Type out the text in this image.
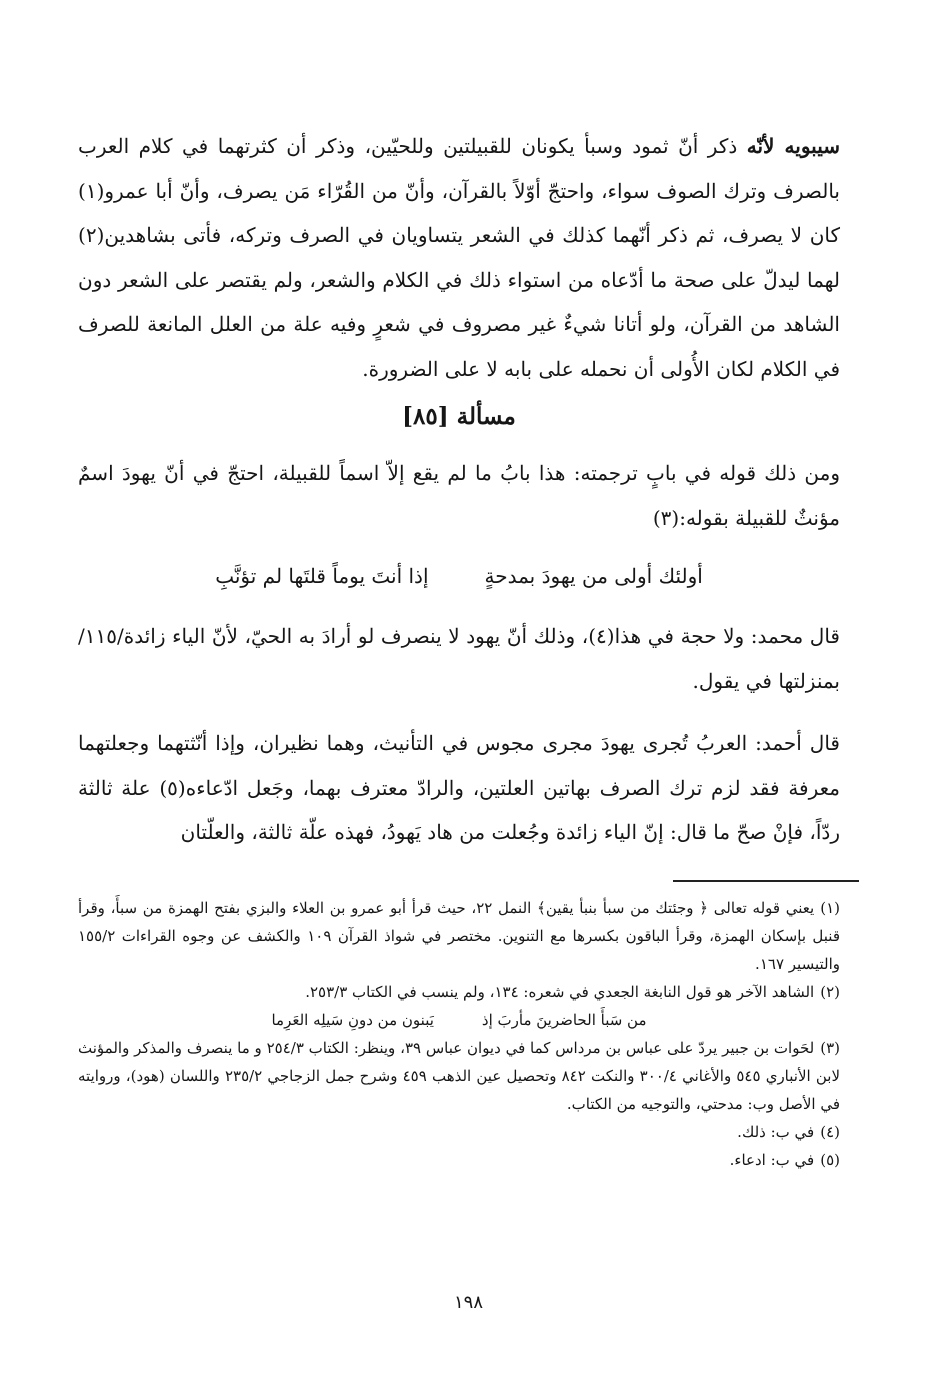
سيبويه لأنّه ذكر أنّ ثمود وسبأ يكونان للقبيلتين وللحيّين، وذكر أن كثرتهما في كلام العرب بالصرف وترك الصوف سواء، واحتجّ أوّلاً بالقرآن، وأنّ من القُرّاء مَن يصرف، وأنّ أبا عمرو(١) كان لا يصرف، ثم ذكر أنّهما كذلك في الشعر يتساويان في الصرف وتركه، فأتى بشاهدين(٢) لهما ليدلّ على صحة ما أدّعاه من استواء ذلك في الكلام والشعر، ولم يقتصر على الشعر دون الشاهد من القرآن، ولو أتانا شيءٌ غير مصروف في شعرٍ وفيه علة من العلل المانعة للصرف في الكلام لكان الأُولى أن نحمله على بابه لا على الضرورة.

مسألة [٨٥]

ومن ذلك قوله في بابٍ ترجمته: هذا بابُ ما لم يقع إلاّ اسماً للقبيلة، احتجّ في أنّ يهودَ اسمٌ مؤنثٌ للقبيلة بقوله:(٣)

أولئك أولى من يهودَ بمدحةٍ
إذا أنتَ يوماً قلتَها لم تؤنَّبِ

قال محمد: ولا حجة في هذا(٤)، وذلك أنّ يهود لا ينصرف لو أرادَ به الحيّ، لأنّ الياء زائدة/١١٥/ بمنزلتها في يقول.

قال أحمد: العربُ تُجرى يهودَ مجرى مجوس في التأنيث، وهما نظيران، وإذا أنّثتهما وجعلتهما معرفة فقد لزم ترك الصرف بهاتين العلتين، والرادّ معترف بهما، وجَعل ادّعاءه(٥) علة ثالثة ردّاً، فإنْ صحّ ما قال: إنّ الياء زائدة وجُعلت من هاد يَهودُ، فهذه علّة ثالثة، والعلّتان

(١)يعني قوله تعالى ﴿ وجئتك من سبأ بنبأ يقين﴾ النمل ٢٢، حيث قرأ أبو عمرو بن العلاء والبزي بفتح الهمزة من سبأَ، وقرأ قنبل بإسكان الهمزة، وقرأ الباقون بكسرها مع التنوين. مختصر في شواذ القرآن ١٠٩ والكشف عن وجوه القراءات ١٥٥/٢ والتيسير ١٦٧.

(٢)الشاهد الآخر هو قول النابغة الجعدي في شعره: ١٣٤، ولم ينسب في الكتاب ٢٥٣/٣.

من سَبأَ الحاضرينَ مأربَ إذ
يَبنون من دونِ سَيلِه العَرِما

(٣)لحَوات بن جبير يردّ على عباس بن مرداس كما في ديوان عباس ٣٩، وينظر: الكتاب ٢٥٤/٣ و ما ينصرف والمذكر والمؤنث لابن الأنباري ٥٤٥ والأغاني ٣٠٠/٤ والنكت ٨٤٢ وتحصيل عين الذهب ٤٥٩ وشرح جمل الزجاجي ٢٣٥/٢ واللسان (هود)، وروايته في الأصل وب: مدحتي، والتوجيه من الكتاب.

(٤)في ب: ذلك.

(٥)في ب: ادعاء.

١٩٨
